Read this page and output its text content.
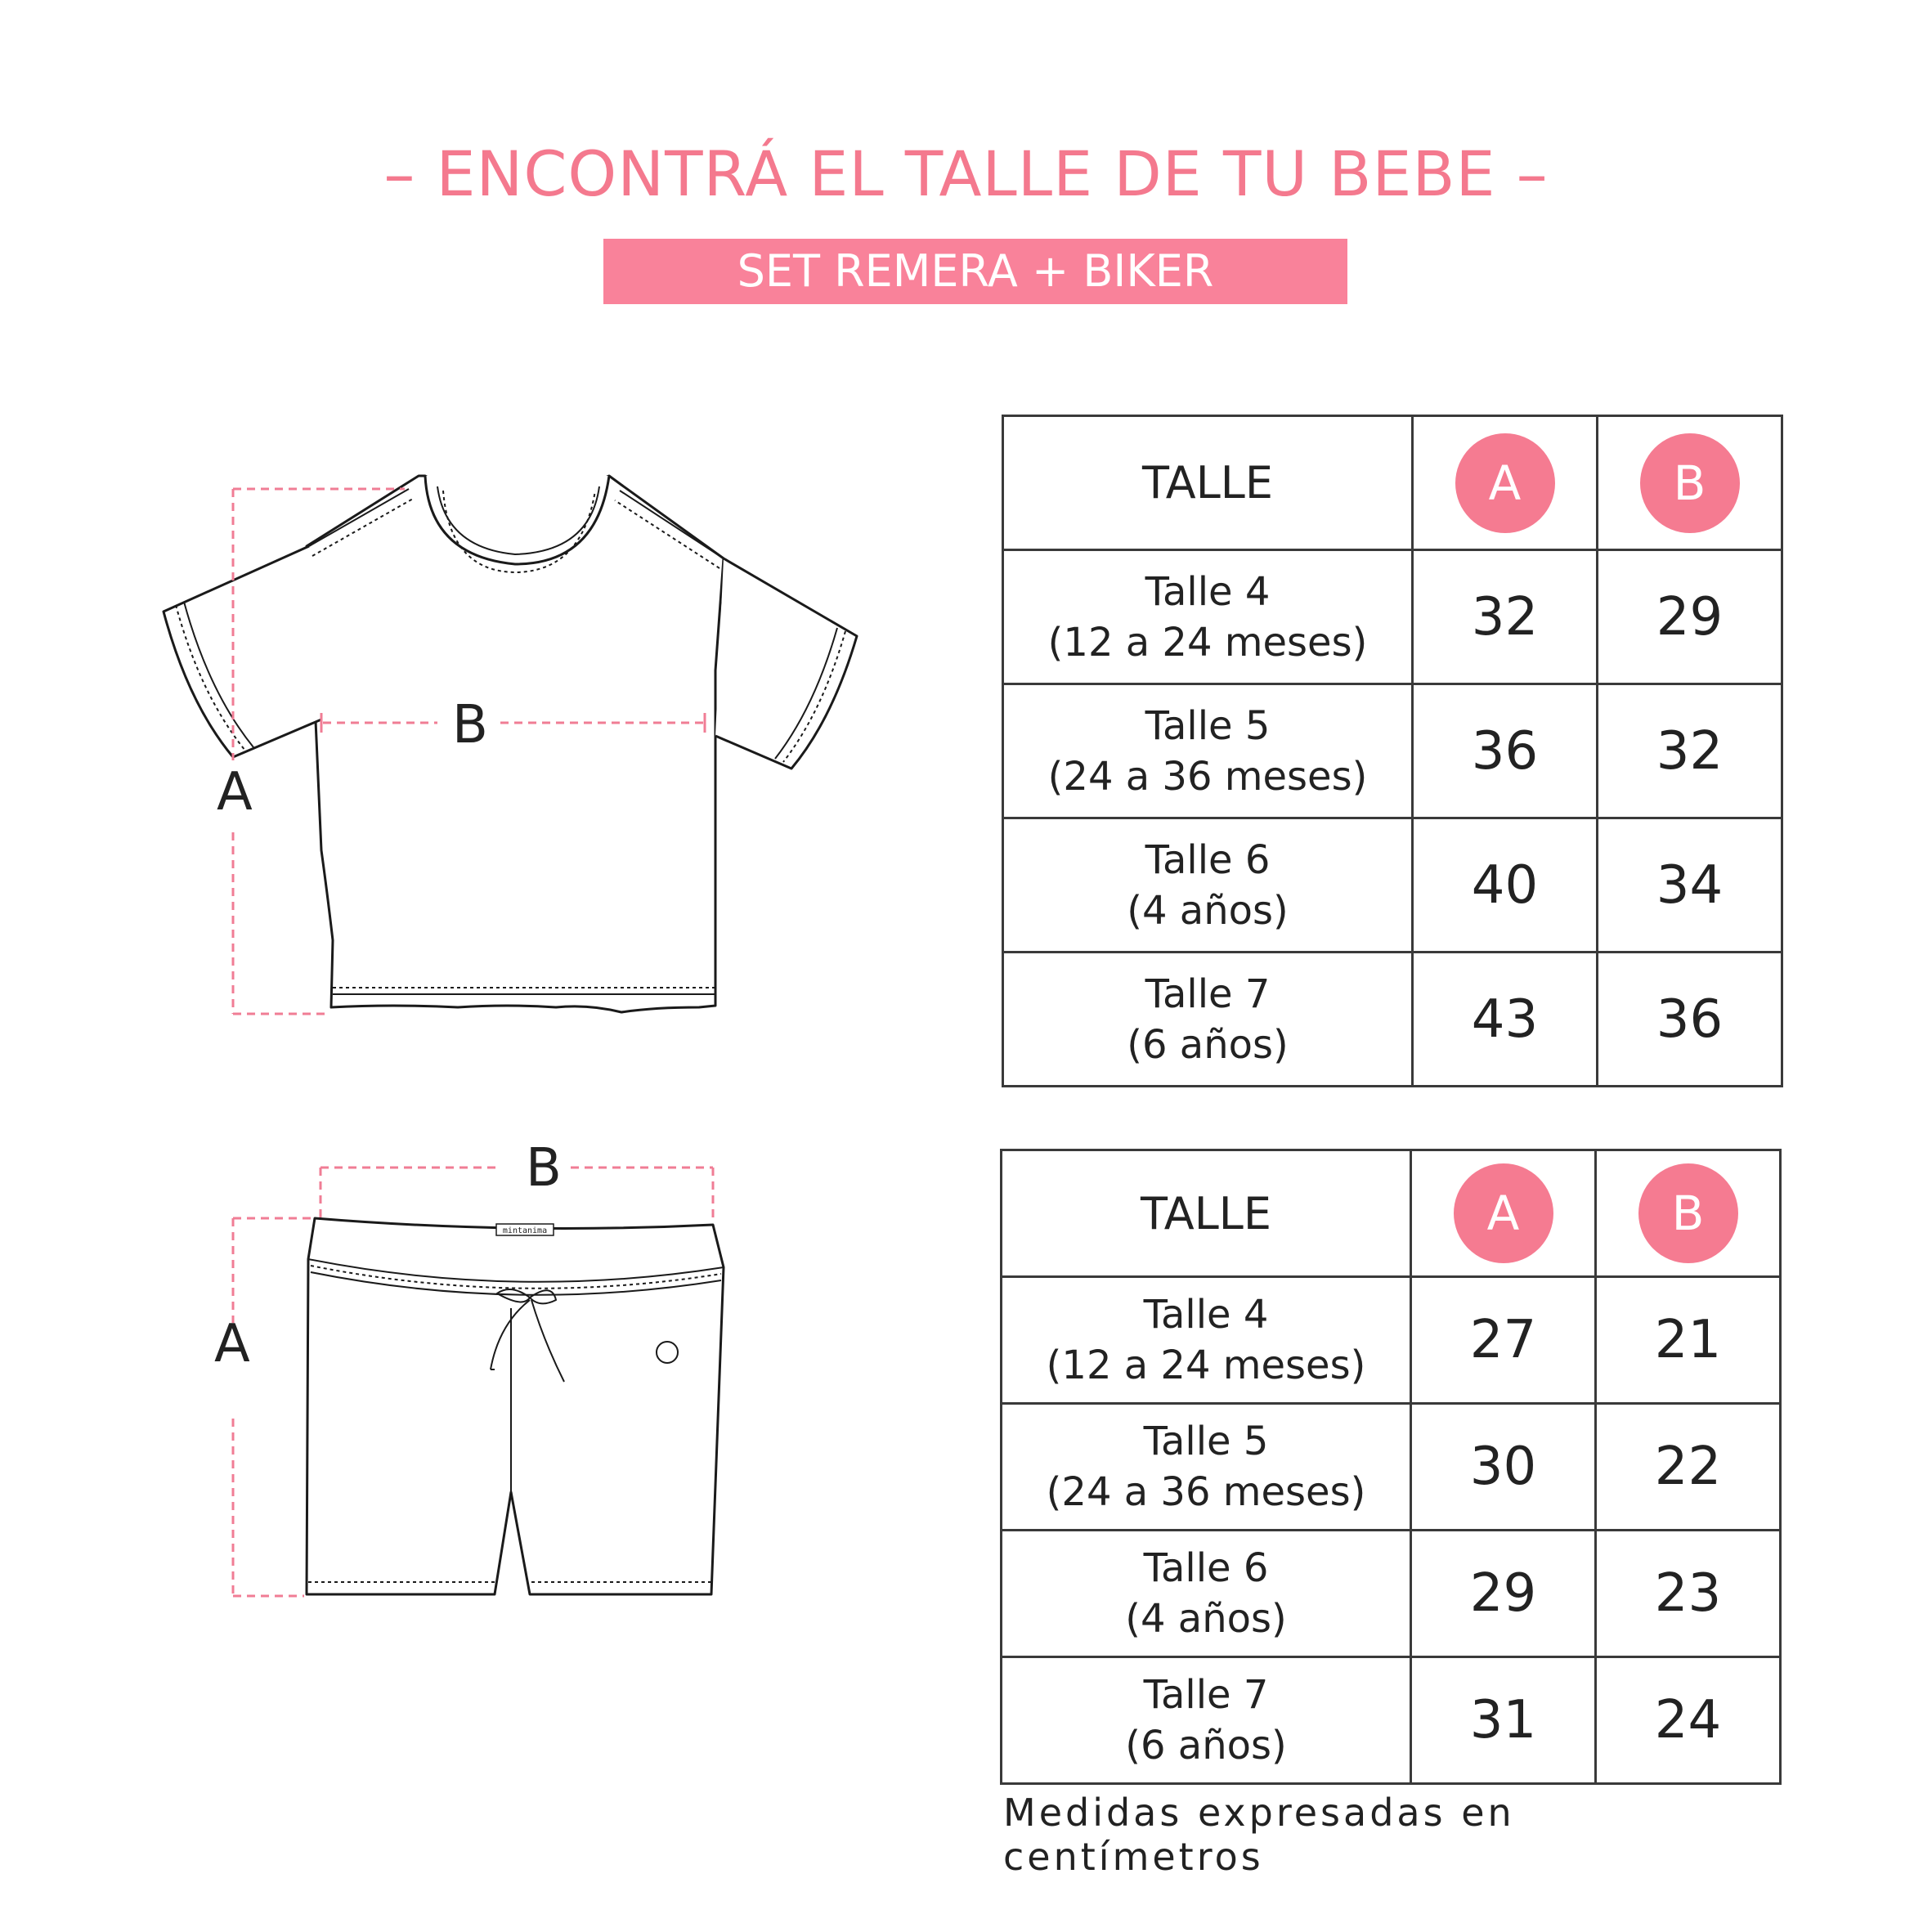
– ENCONTRÁ EL TALLE DE TU BEBE –
SET REMERA + BIKER
A
B
mintanima
A
B
TALLE	A	B

Talle 4
(12 a 24 meses)	32	29

Talle 5
(24 a 36 meses)	36	32

Talle 6
(4 años)	40	34

Talle 7
(6 años)	43	36
TALLE	A	B

Talle 4
(12 a 24 meses)	27	21

Talle 5
(24 a 36 meses)	30	22

Talle 6
(4 años)	29	23

Talle 7
(6 años)	31	24
Medidas expresadas en centímetros
